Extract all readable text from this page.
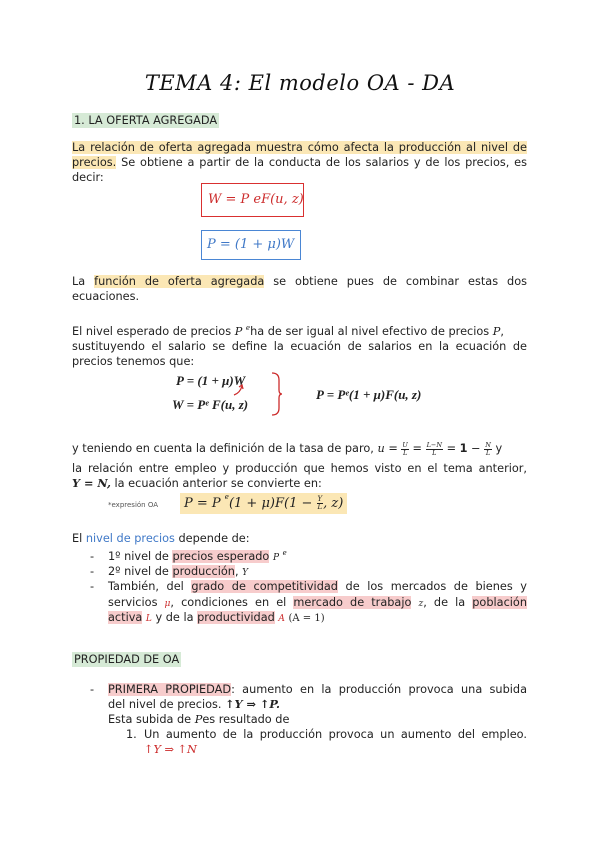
TEMA 4: El modelo OA - DA
1. LA OFERTA AGREGADA
La relación de oferta agregada muestra cómo afecta la producción al nivel de
precios. Se obtiene a partir de la conducta de los salarios y de los precios, es
decir:
W = P eF(u, z)
P = (1 + μ)W
La función de oferta agregada se obtiene pues de combinar estas dos
ecuaciones.
El nivel esperado de precios P $^e$ha de ser igual al nivel efectivo de precios P,
sustituyendo el salario se define la ecuación de salarios en la ecuación de
precios tenemos que:
P = (1 + μ)W
W = Pᵉ F(u, z)
P = Pᵉ(1 + μ)F(u, z)
y teniendo en cuenta la definición de la tasa de paro, $u = \frac{U}{L} = \frac{L-N}{L} = 1 - \frac{N}{L}$ y
la relación entre empleo y producción que hemos visto en el tema anterior,
Y = N, la ecuación anterior se convierte en:
*expresión OA	P = P $^e(1 + \mu)F(1 - \frac{Y}{L}$ , z)
El nivel de precios depende de:
- 1º nivel de precios esperado P $^e$
- 2º nivel de producción, Y
- También, del grado de competitividad de los mercados de bienes y
servicios μ, condiciones en el mercado de trabajo z, de la población
activa L y de la productividad A (A = 1)
PROPIEDAD DE OA
- PRIMERA PROPIEDAD: aumento en la producción provoca una subida
del nivel de precios. ↑Y ⇒ ↑P.
Esta subida de Pes resultado de
1. Un aumento de la producción provoca un aumento del empleo.
↑Y ⇒ ↑N
